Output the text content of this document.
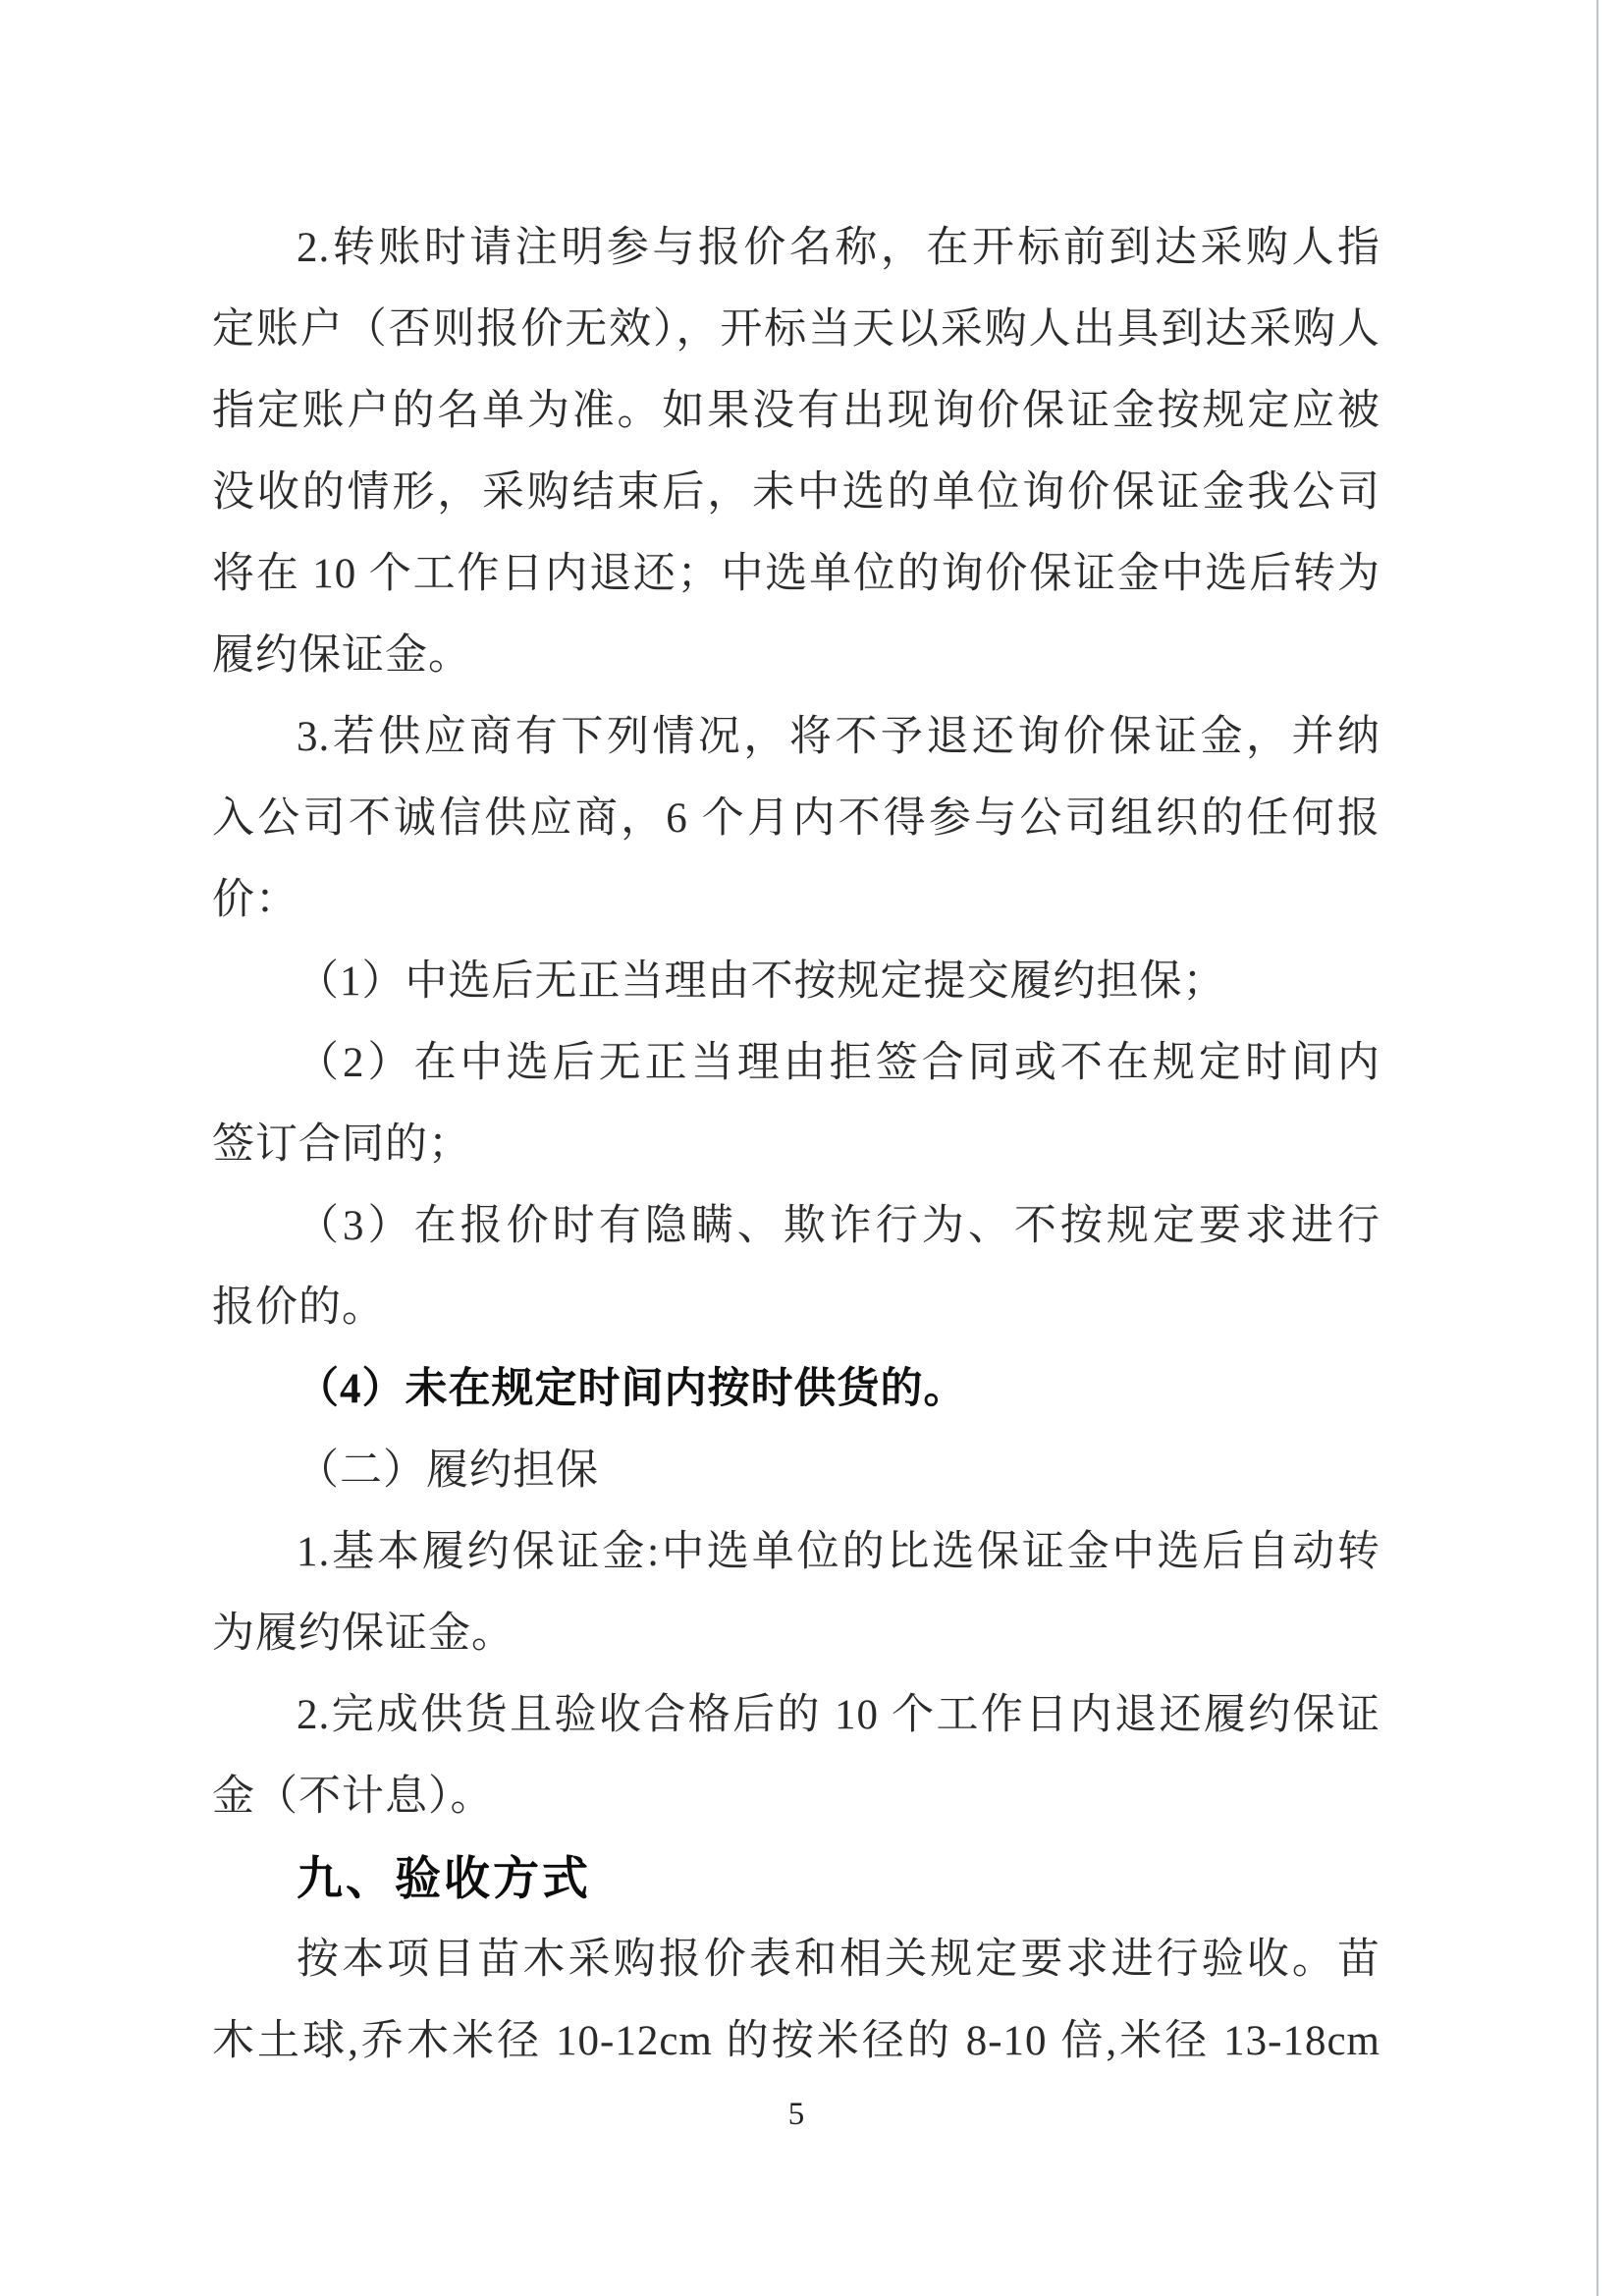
2.转账时请注明参与报价名称，在开标前到达采购人指
定账户（否则报价无效），开标当天以采购人出具到达采购人
指定账户的名单为准。如果没有出现询价保证金按规定应被
没收的情形，采购结束后，未中选的单位询价保证金我公司
将在 10 个工作日内退还；中选单位的询价保证金中选后转为
履约保证金。
3.若供应商有下列情况，将不予退还询价保证金，并纳
入公司不诚信供应商，6 个月内不得参与公司组织的任何报
价：
（1）中选后无正当理由不按规定提交履约担保；
（2）在中选后无正当理由拒签合同或不在规定时间内
签订合同的；
（3）在报价时有隐瞒、欺诈行为、不按规定要求进行
报价的。
（4）未在规定时间内按时供货的。
（二）履约担保
1.基本履约保证金:中选单位的比选保证金中选后自动转
为履约保证金。
2.完成供货且验收合格后的 10 个工作日内退还履约保证
金（不计息）。
九、验收方式
按本项目苗木采购报价表和相关规定要求进行验收。苗
木土球,乔木米径 10-12cm 的按米径的 8-10 倍,米径 13-18cm
5
